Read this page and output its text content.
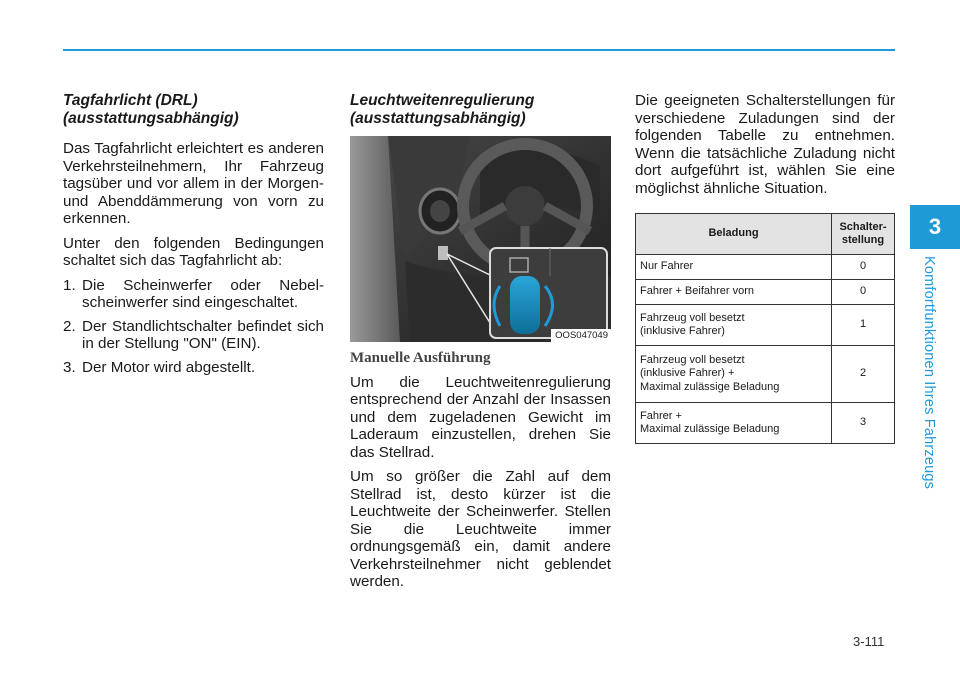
3
Komfortfunktionen Ihres Fahrzeugs
Tagfahrlicht (DRL) (ausstattungsabhängig)

Das Tagfahrlicht erleichtert es anderen Verkehrsteilnehmern, Ihr Fahrzeug tagsüber und vor allem in der Morgen- und Abenddämmerung von vorn zu erkennen.

Unter den folgenden Bedingungen schaltet sich das Tagfahrlicht ab:

1. Die Scheinwerfer oder Nebel-scheinwerfer sind eingeschaltet.
2. Der Standlichtschalter befindet sich in der Stellung "ON" (EIN).
3. Der Motor wird abgestellt.
Leuchtweitenregulierung (ausstattungsabhängig)
OOS047049
Manuelle Ausführung

Um die Leuchtweitenregulierung entsprechend der Anzahl der Insassen und dem zugeladenen Gewicht im Laderaum einzustellen, drehen Sie das Stellrad.

Um so größer die Zahl auf dem Stellrad ist, desto kürzer ist die Leuchtweite der Scheinwerfer. Stellen Sie die Leuchtweite immer ordnungsgemäß ein, damit andere Verkehrsteilnehmer nicht geblendet werden.

Die geeigneten Schalterstellungen für verschiedene Zuladungen sind der folgenden Tabelle zu entnehmen. Wenn die tatsächliche Zuladung nicht dort aufgeführt ist, wählen Sie eine möglichst ähnliche Situation.

Beladung	Schalter-stellung
Nur Fahrer	0
Fahrer + Beifahrer vorn	0
Fahrzeug voll besetzt
(inklusive Fahrer)	1
Fahrzeug voll besetzt
(inklusive Fahrer) +
Maximal zulässige Beladung	2
Fahrer +
Maximal zulässige Beladung	3
3-111
